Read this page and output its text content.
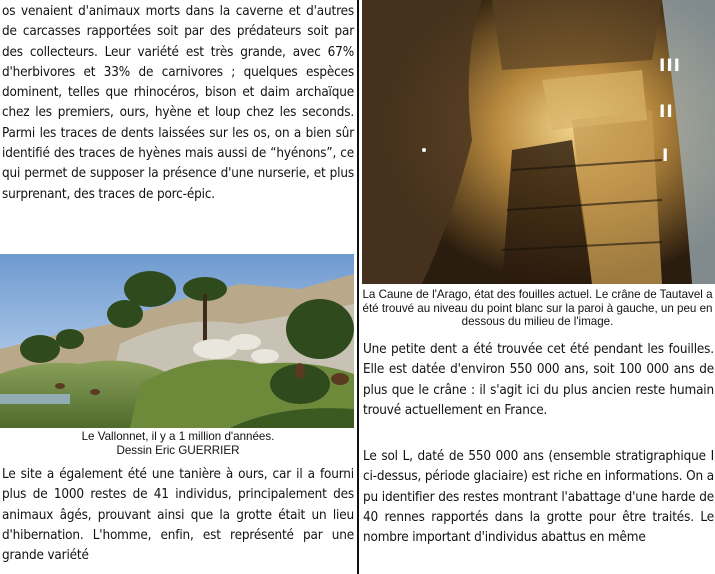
os venaient d'animaux morts dans la caverne et d'autres de carcasses rapportées soit par des prédateurs soit par des collecteurs. Leur variété est très grande, avec 67% d'herbivores et 33% de carnivores ; quelques espèces dominent, telles que rhinocéros, bison et daim archaïque chez les premiers, ours, hyène et loup chez les seconds. Parmi les traces de dents laissées sur les os, on a bien sûr identifié des traces de hyènes mais aussi de “hyénons”, ce qui permet de supposer la présence d'une nurserie, et plus surprenant, des traces de porc-épic.

Le Vallonnet, il y a 1 million d'années.
Dessin Eric GUERRIER

Le site a également été une tanière à ours, car il a fourni plus de 1000 restes de 41 individus, principalement des animaux âgés, prouvant ainsi que la grotte était un lieu d'hibernation. L'homme, enfin, est représenté par une grande variété

III
II
I
La Caune de l'Arago, état des fouilles actuel. Le crâne de Tautavel a été trouvé au niveau du point blanc sur la paroi à gauche, un peu en dessous du milieu de l'image.

Une petite dent a été trouvée cet été pendant les fouilles. Elle est datée d'environ 550 000 ans, soit 100 000 ans de plus que le crâne : il s'agit ici du plus ancien reste humain trouvé actuellement en France.

Le sol L, daté de 550 000 ans (ensemble stratigraphique I ci-dessus, période glaciaire) est riche en informations. On a pu identifier des restes montrant l'abattage d'une harde de 40 rennes rapportés dans la grotte pour être traités. Le nombre important d'individus abattus en même
